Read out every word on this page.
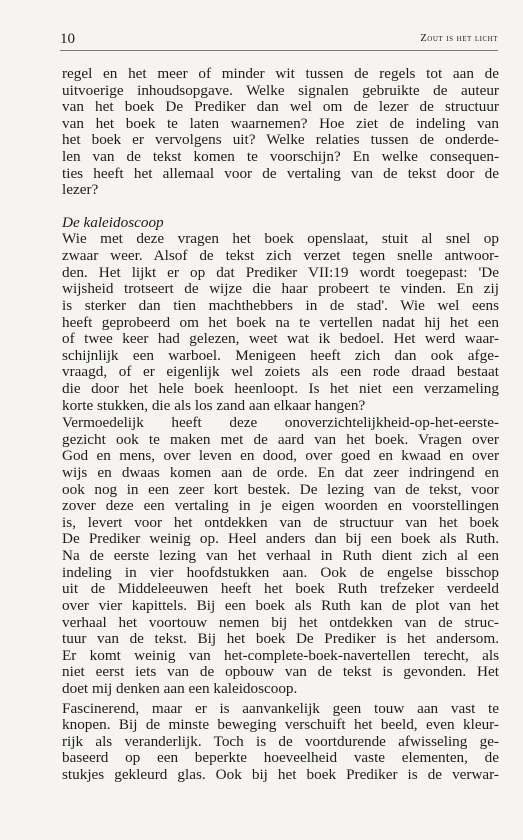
10	Zout is het licht
regel en het meer of minder wit tussen de regels tot aan de
uitvoerige inhoudsopgave. Welke signalen gebruikte de auteur
van het boek De Prediker dan wel om de lezer de structuur
van het boek te laten waarnemen? Hoe ziet de indeling van
het boek er vervolgens uit? Welke relaties tussen de onderde-
len van de tekst komen te voorschijn? En welke consequen-
ties heeft het allemaal voor de vertaling van de tekst door de
lezer?
De kaleidoscoop
Wie met deze vragen het boek openslaat, stuit al snel op
zwaar weer. Alsof de tekst zich verzet tegen snelle antwoor-
den. Het lijkt er op dat Prediker VII:19 wordt toegepast: 'De
wijsheid trotseert de wijze die haar probeert te vinden. En zij
is sterker dan tien machthebbers in de stad'. Wie wel eens
heeft geprobeerd om het boek na te vertellen nadat hij het een
of twee keer had gelezen, weet wat ik bedoel. Het werd waar-
schijnlijk een warboel. Menigeen heeft zich dan ook afge-
vraagd, of er eigenlijk wel zoiets als een rode draad bestaat
die door het hele boek heenloopt. Is het niet een verzameling
korte stukken, die als los zand aan elkaar hangen?
Vermoedelijk heeft deze onoverzichtelijkheid-op-het-eerste-
gezicht ook te maken met de aard van het boek. Vragen over
God en mens, over leven en dood, over goed en kwaad en over
wijs en dwaas komen aan de orde. En dat zeer indringend en
ook nog in een zeer kort bestek. De lezing van de tekst, voor
zover deze een vertaling in je eigen woorden en voorstellingen
is, levert voor het ontdekken van de structuur van het boek
De Prediker weinig op. Heel anders dan bij een boek als Ruth.
Na de eerste lezing van het verhaal in Ruth dient zich al een
indeling in vier hoofdstukken aan. Ook de engelse bisschop
uit de Middeleeuwen heeft het boek Ruth trefzeker verdeeld
over vier kapittels. Bij een boek als Ruth kan de plot van het
verhaal het voortouw nemen bij het ontdekken van de struc-
tuur van de tekst. Bij het boek De Prediker is het andersom.
Er komt weinig van het-complete-boek-navertellen terecht, als
niet eerst iets van de opbouw van de tekst is gevonden. Het
doet mij denken aan een kaleidoscoop.
Fascinerend, maar er is aanvankelijk geen touw aan vast te
knopen. Bij de minste beweging verschuift het beeld, even kleur-
rijk als veranderlijk. Toch is de voortdurende afwisseling ge-
baseerd op een beperkte hoeveelheid vaste elementen, de
stukjes gekleurd glas. Ook bij het boek Prediker is de verwar-
